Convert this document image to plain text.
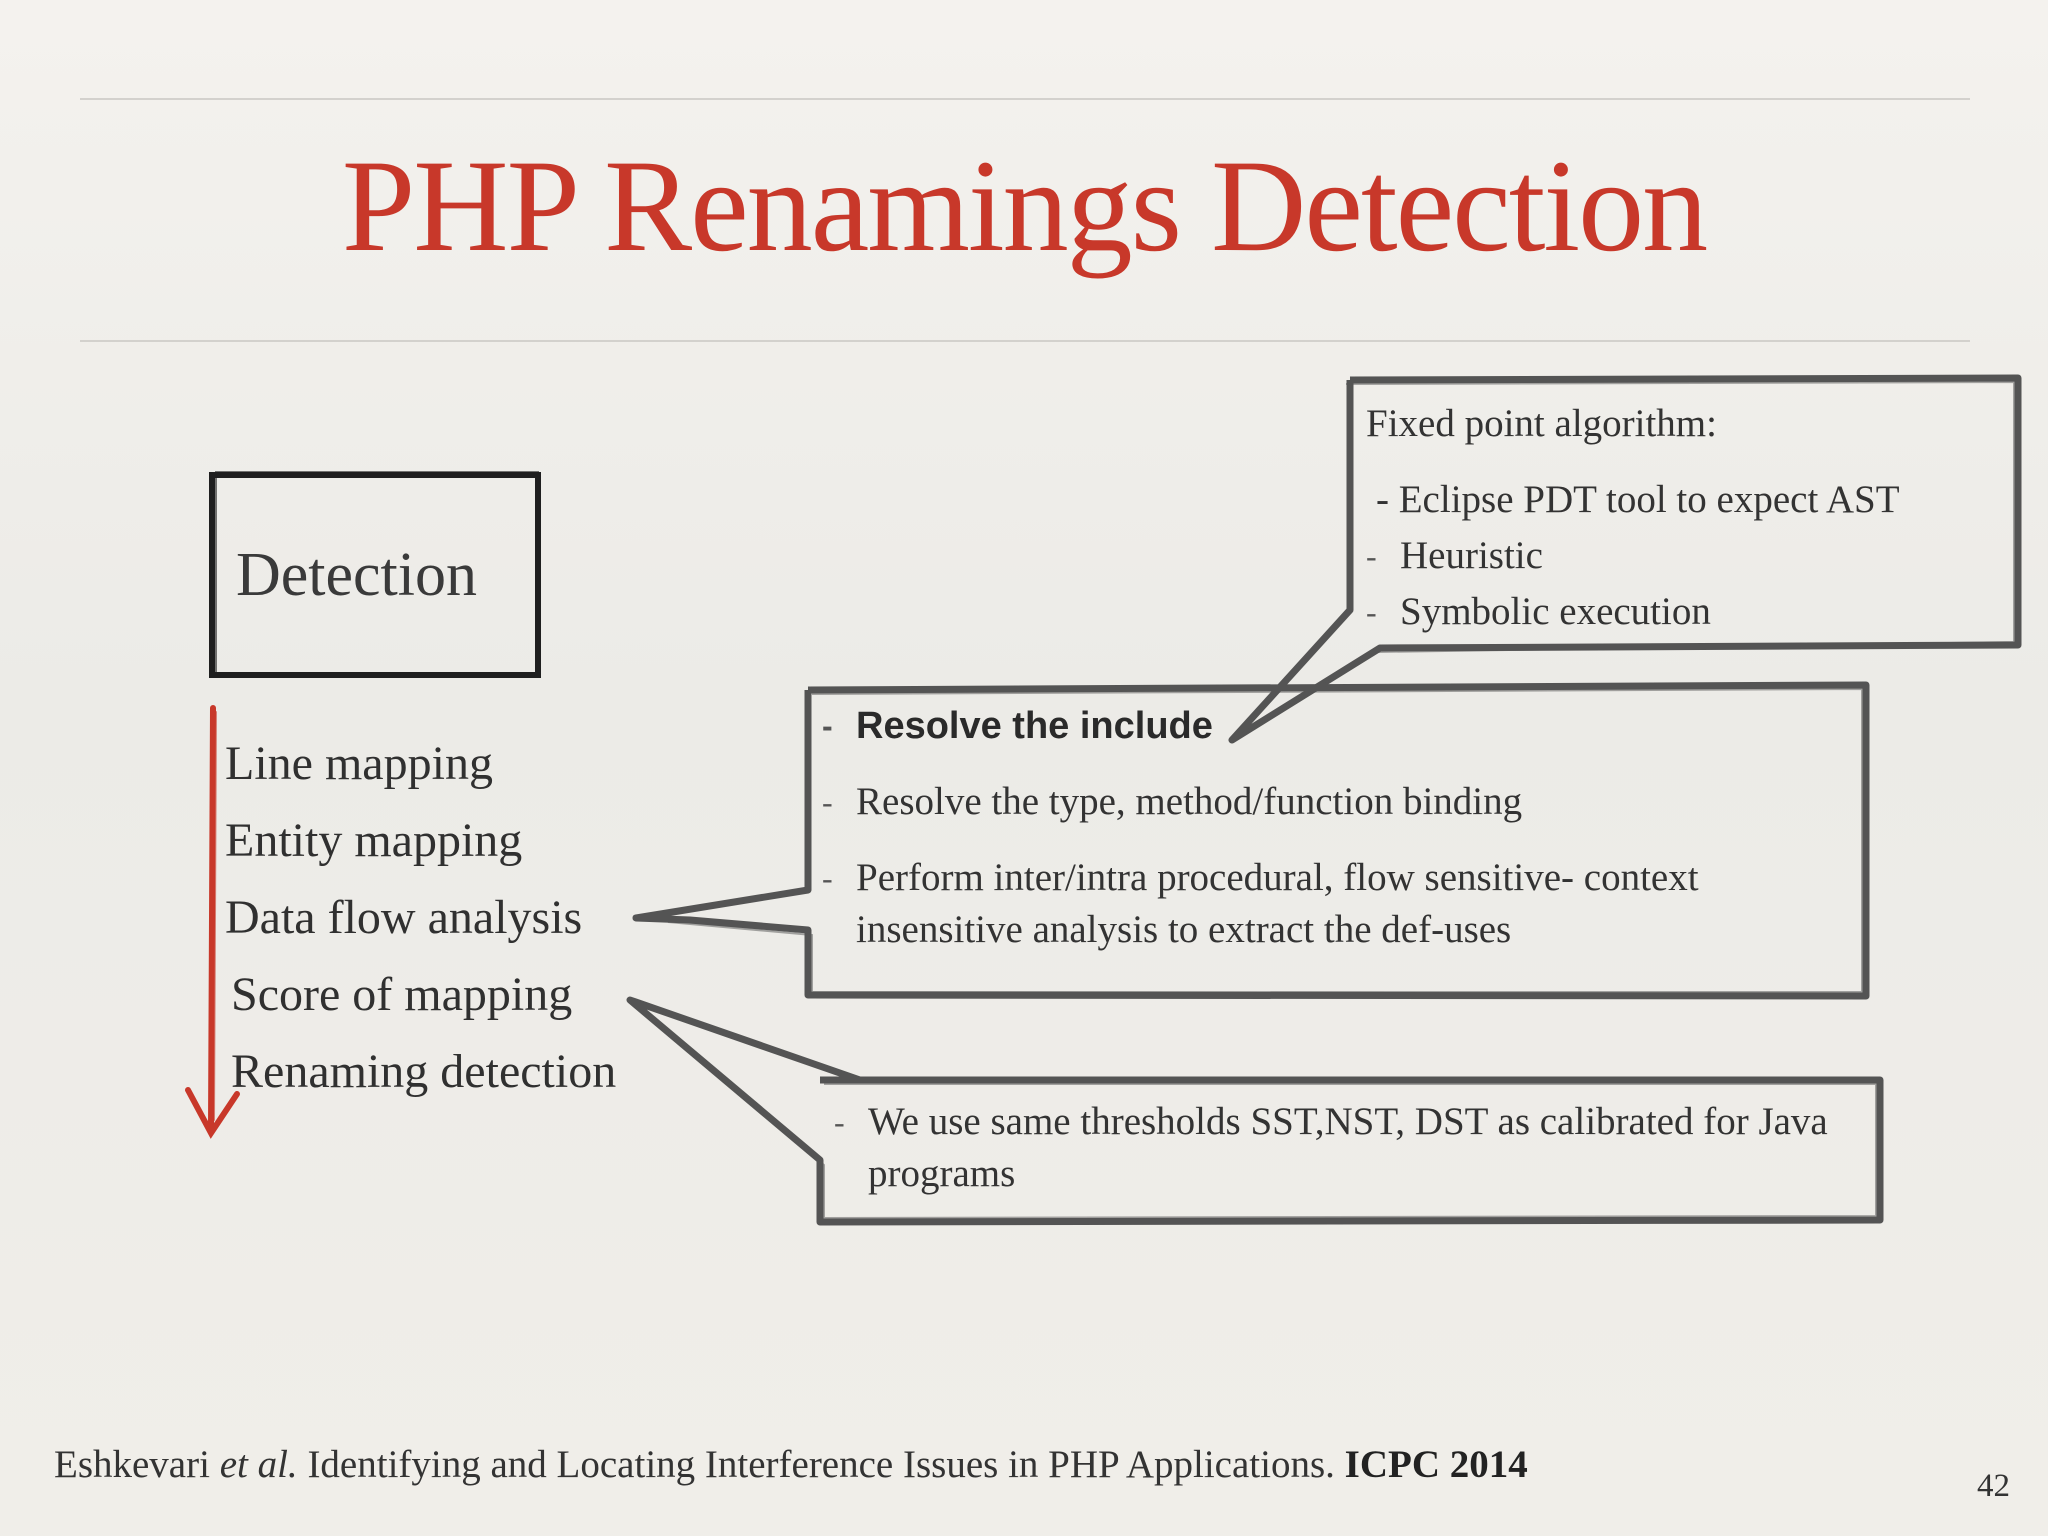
PHP Renamings Detection
Detection
Line mapping
Entity mapping
Data flow analysis
Score of mapping
Renaming detection
Fixed point algorithm:
- Eclipse PDT tool to expect AST
- Heuristic
- Symbolic execution
- Resolve the include
- Resolve the type, method/function binding
- Perform inter/intra procedural, flow sensitive- context insensitive analysis to extract the def-uses
- We use same thresholds SST,NST, DST as calibrated for Java programs
Eshkevari et al. Identifying and Locating Interference Issues in PHP Applications. ICPC 2014	42
